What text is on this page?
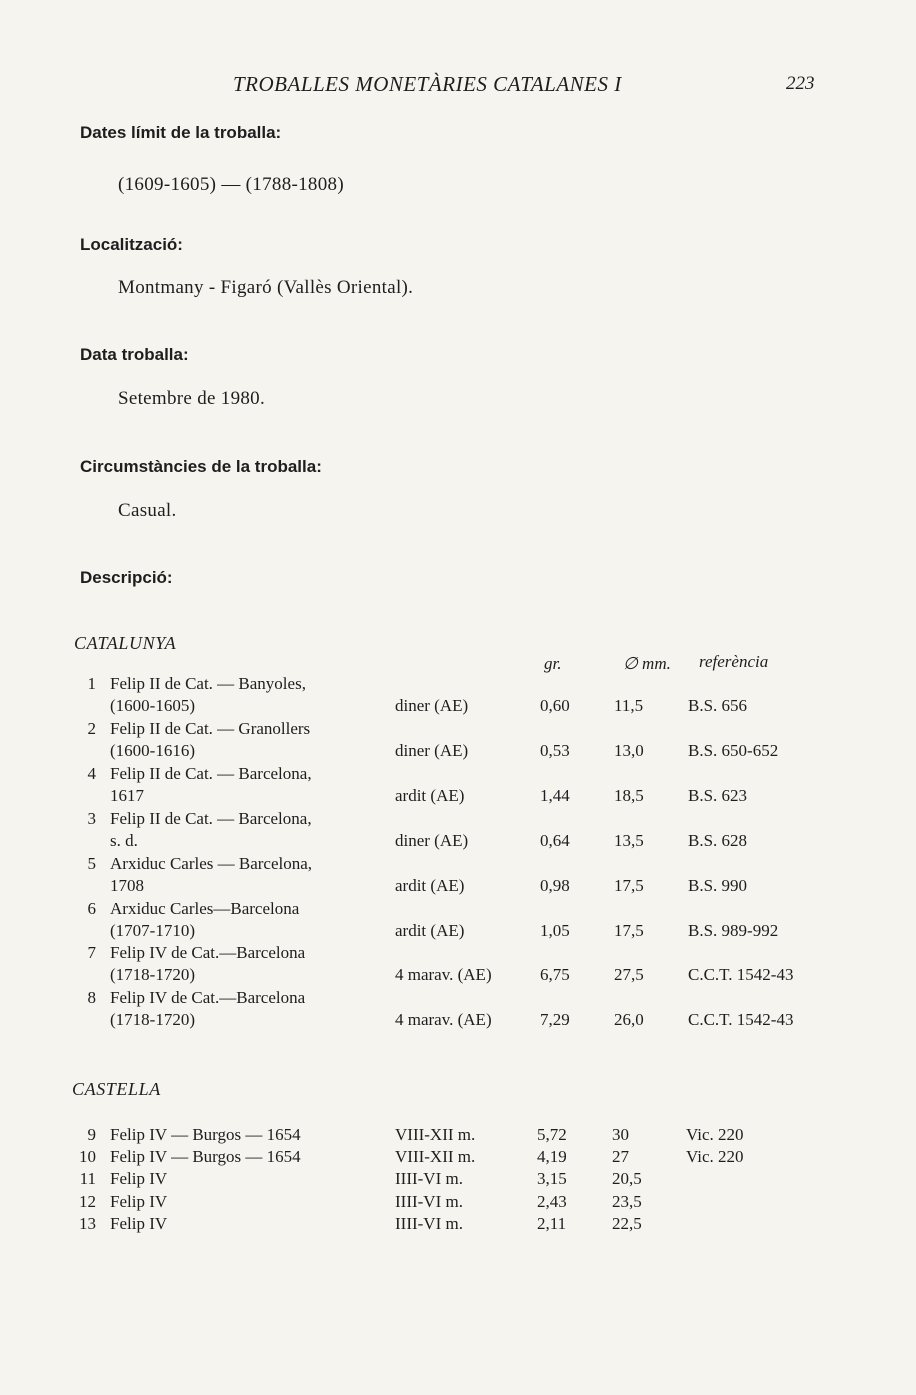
TROBALLES MONETÀRIES CATALANES I	223
Dates límit de la troballa:
(1609-1605) — (1788-1808)
Localització:
Montmany - Figaró (Vallès Oriental).
Data troballa:
Setembre de 1980.
Circumstàncies de la troballa:
Casual.
Descripció:
CATALUNYA
gr.	∅ mm. referència
1 Felip II de Cat. — Banyoles,
(1600-1605)	diner (AE)	0,60	11,5	B.S. 656
2 Felip II de Cat. — Granollers
(1600-1616)	diner (AE)	0,53	13,0	B.S. 650-652
4 Felip II de Cat. — Barcelona,
1617	ardit (AE)	1,44	18,5	B.S. 623
3 Felip II de Cat. — Barcelona,
s. d.	diner (AE)	0,64	13,5	B.S. 628
5 Arxiduc Carles — Barcelona,
1708	ardit (AE)	0,98	17,5	B.S. 990
6 Arxiduc Carles—Barcelona
(1707-1710)	ardit (AE)	1,05	17,5	B.S. 989-992
7 Felip IV de Cat.—Barcelona
(1718-1720)	4 marav. (AE)	6,75	27,5	C.C.T. 1542-43
8 Felip IV de Cat.—Barcelona
(1718-1720)	4 marav. (AE)	7,29	26,0	C.C.T. 1542-43
CASTELLA
9 Felip IV — Burgos — 1654	VIII-XII m.	5,72	30	Vic. 220
10 Felip IV — Burgos — 1654	VIII-XII m.	4,19	27	Vic. 220
11 Felip IV	IIII-VI m.	3,15	20,5
12 Felip IV	IIII-VI m.	2,43	23,5
13 Felip IV	IIII-VI m.	2,11	22,5
